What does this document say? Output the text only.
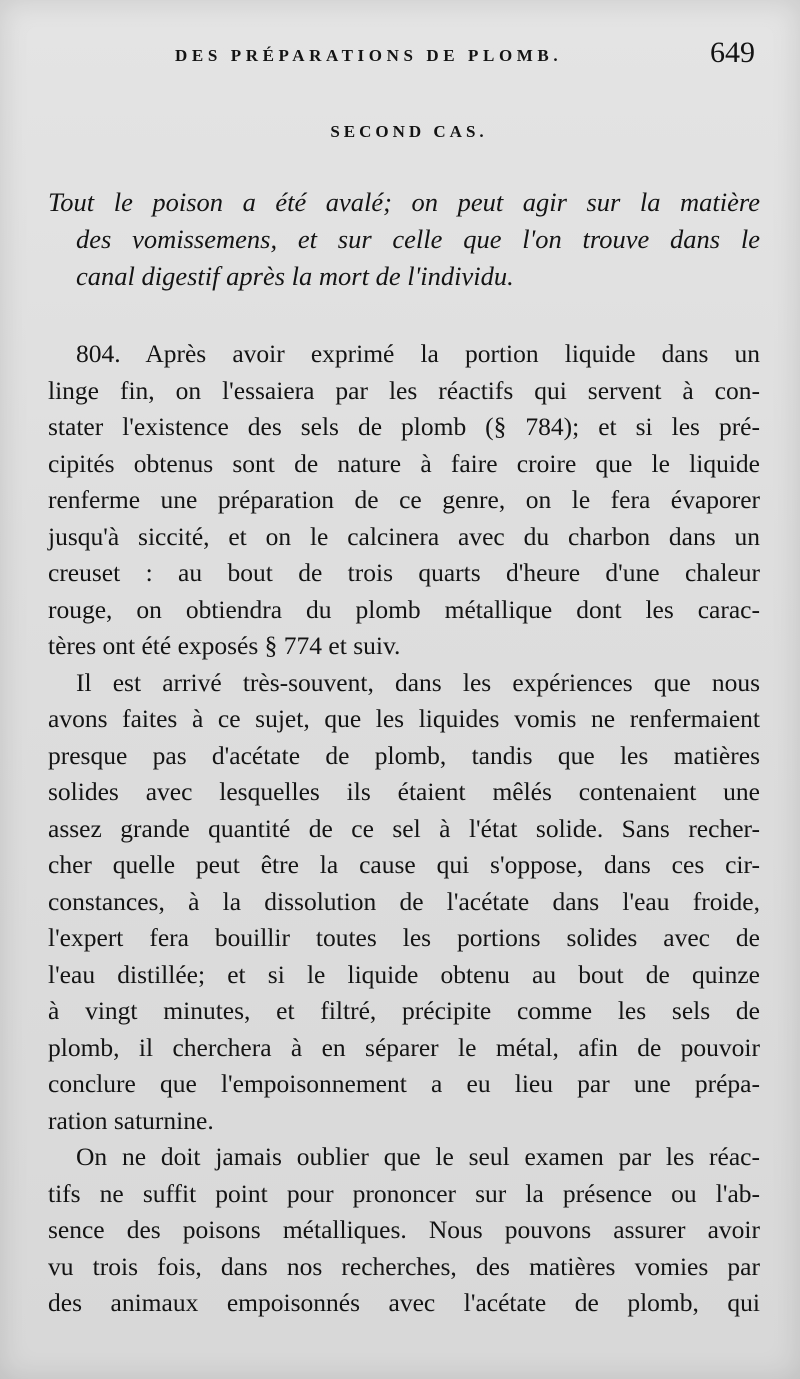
DES PRÉPARATIONS DE PLOMB.	649
SECOND CAS.
Tout le poison a été avalé; on peut agir sur la matière
des vomissemens, et sur celle que l'on trouve dans le
canal digestif après la mort de l'individu.
804. Après avoir exprimé la portion liquide dans un
linge fin, on l'essaiera par les réactifs qui servent à con-
stater l'existence des sels de plomb (§ 784); et si les pré-
cipités obtenus sont de nature à faire croire que le liquide
renferme une préparation de ce genre, on le fera évaporer
jusqu'à siccité, et on le calcinera avec du charbon dans un
creuset : au bout de trois quarts d'heure d'une chaleur
rouge, on obtiendra du plomb métallique dont les carac-
tères ont été exposés § 774 et suiv.
Il est arrivé très-souvent, dans les expériences que nous
avons faites à ce sujet, que les liquides vomis ne renfermaient
presque pas d'acétate de plomb, tandis que les matières
solides avec lesquelles ils étaient mêlés contenaient une
assez grande quantité de ce sel à l'état solide. Sans recher-
cher quelle peut être la cause qui s'oppose, dans ces cir-
constances, à la dissolution de l'acétate dans l'eau froide,
l'expert fera bouillir toutes les portions solides avec de
l'eau distillée; et si le liquide obtenu au bout de quinze
à vingt minutes, et filtré, précipite comme les sels de
plomb, il cherchera à en séparer le métal, afin de pouvoir
conclure que l'empoisonnement a eu lieu par une prépa-
ration saturnine.
On ne doit jamais oublier que le seul examen par les réac-
tifs ne suffit point pour prononcer sur la présence ou l'ab-
sence des poisons métalliques. Nous pouvons assurer avoir
vu trois fois, dans nos recherches, des matières vomies par
des animaux empoisonnés avec l'acétate de plomb, qui
